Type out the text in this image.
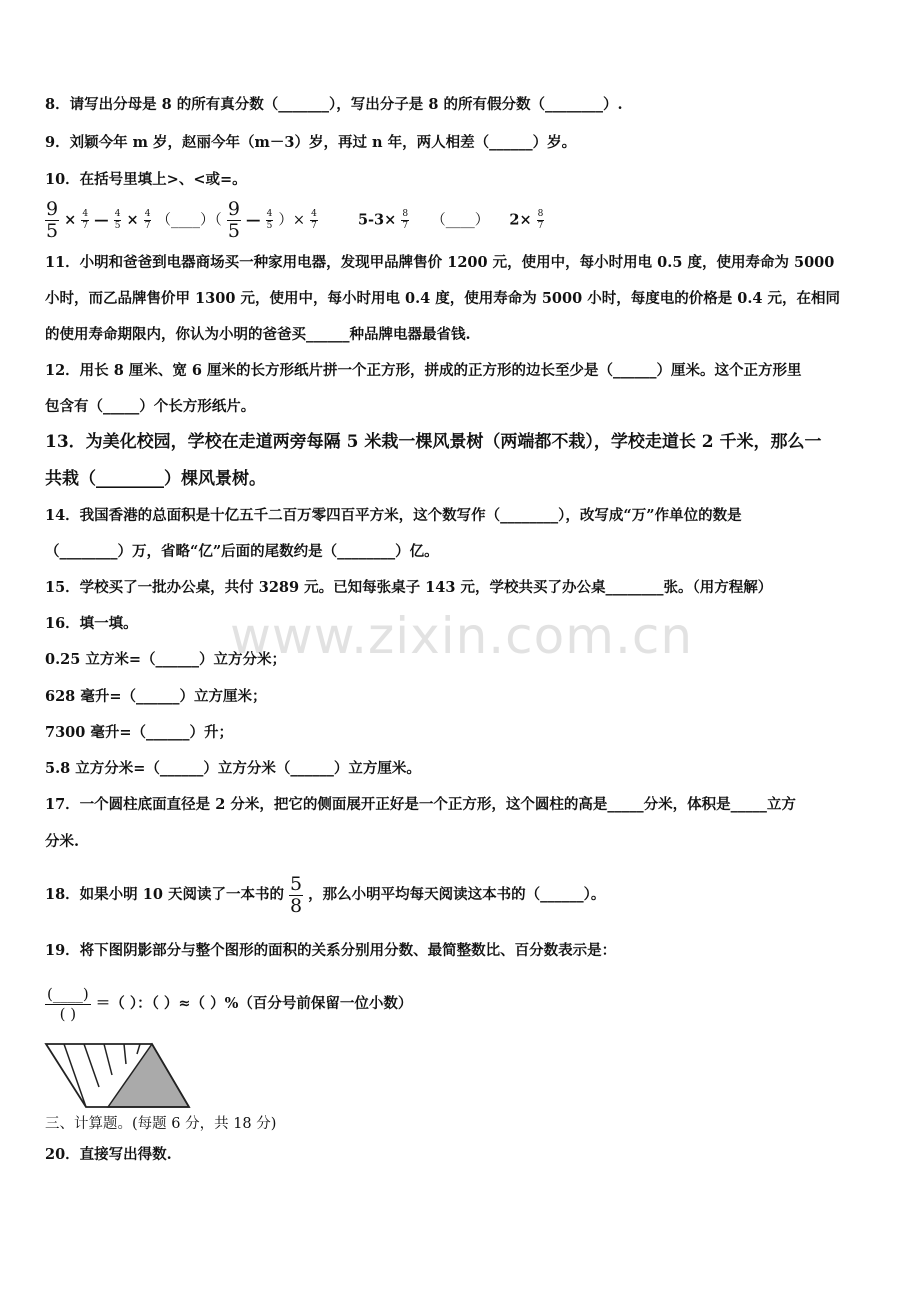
8．请写出分母是 8 的所有真分数（_______），写出分子是 8 的所有假分数（________）.
9．刘颖今年 m 岁，赵丽今年（m－3）岁，再过 n 年，两人相差（______）岁。
10．在括号里填上>、<或=。
$\frac{9}{5} \times \frac{4}{7}$ — $\frac{4}{5} \times \frac{4}{7}$ （____）（ $\frac{9}{5}$ — $\frac{4}{5}$ ）× $\frac{4}{7}$	$5-3\times \frac{8}{7}$ （____） $2\times \frac{8}{7}$
11．小明和爸爸到电器商场买一种家用电器，发现甲品牌售价 1200 元，使用中，每小时用电 0.5 度，使用寿命为 5000
小时，而乙品牌售价甲 1300 元，使用中，每小时用电 0.4 度，使用寿命为 5000 小时，每度电的价格是 0.4 元，在相同
的使用寿命期限内，你认为小明的爸爸买______种品牌电器最省钱.
12．用长 8 厘米、宽 6 厘米的长方形纸片拼一个正方形，拼成的正方形的边长至少是（______）厘米。这个正方形里
包含有（_____）个长方形纸片。
13．为美化校园，学校在走道两旁每隔 5 米栽一棵风景树（两端都不栽），学校走道长 2 千米，那么一
共栽（________）棵风景树。
14．我国香港的总面积是十亿五千二百万零四百平方米，这个数写作（________），改写成“万”作单位的数是
（________）万，省略“亿”后面的尾数约是（________）亿。
15．学校买了一批办公桌，共付 3289 元。已知每张桌子 143 元，学校共买了办公桌________张。（用方程解）
16．填一填。
0.25 立方米=（______）立方分米；
628 毫升=（______）立方厘米；
7300 毫升=（______）升；
5.8 立方分米=（______）立方分米（______）立方厘米。
17．一个圆柱底面直径是 2 分米，把它的侧面展开正好是一个正方形，这个圆柱的高是_____分米，体积是_____立方
分米.
18．如果小明 10 天阅读了一本书的 $\frac{5}{8}$ ，那么小明平均每天阅读这本书的（______）。
19．将下图阴影部分与整个图形的面积的关系分别用分数、最简整数比、百分数表示是：
$\frac{(\_\_\_\_)}{( )}$ ＝（ ）：（ ）≈（ ）%（百分号前保留一位小数）
三、计算题。(每题 6 分，共 18 分)
20．直接写出得数.
www.zixin.com.cn
